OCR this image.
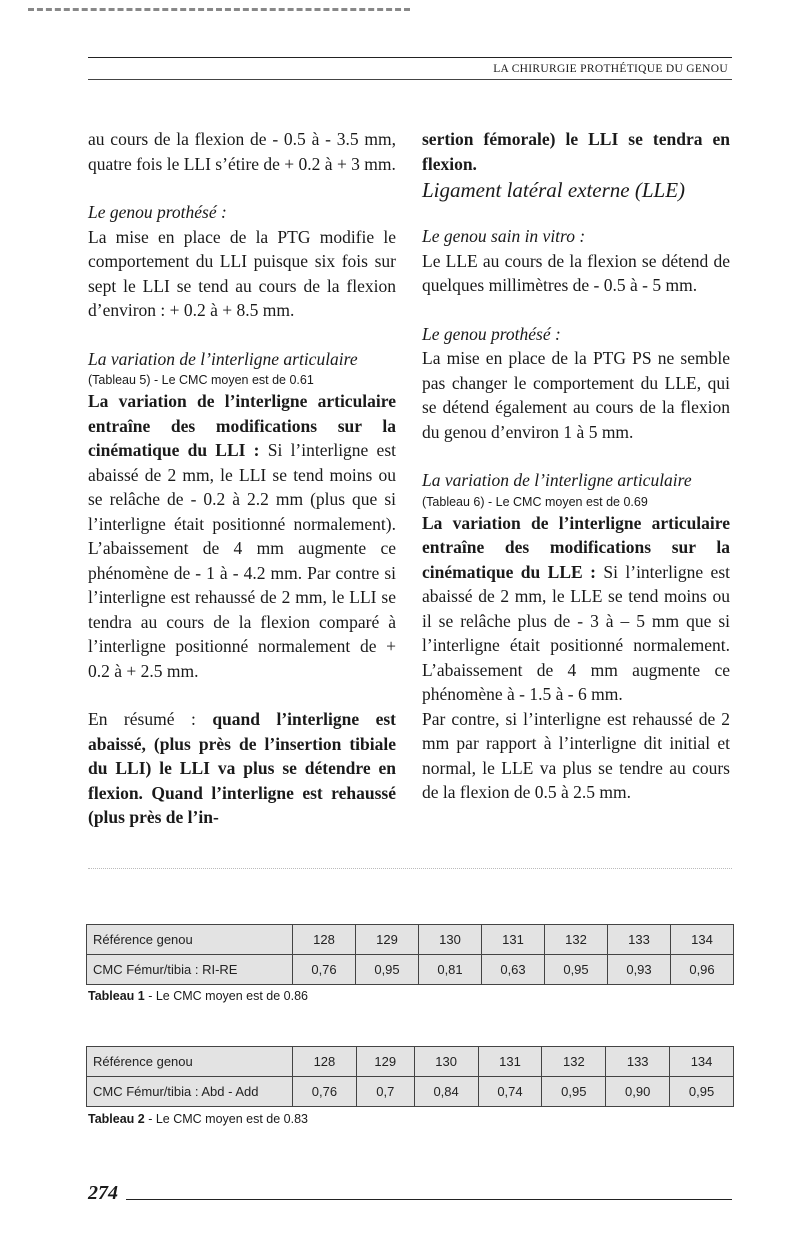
LA CHIRURGIE PROTHÉTIQUE DU GENOU

au cours de la flexion de - 0.5 à - 3.5 mm, quatre fois le LLI s’étire de + 0.2 à + 3 mm.

Le genou prothésé :

La mise en place de la PTG modifie le comportement du LLI puisque six fois sur sept le LLI se tend au cours de la flexion d’environ : + 0.2 à + 8.5 mm.

La variation de l’interligne articulaire

(Tableau 5) - Le CMC moyen est de 0.61

La variation de l’interligne articulaire entraîne des modifications sur la cinématique du LLI : Si l’interligne est abaissé de 2 mm, le LLI se tend moins ou se relâche de - 0.2 à 2.2 mm (plus que si l’interligne était positionné normalement). L’abaissement de 4 mm augmente ce phénomène de - 1 à - 4.2 mm. Par contre si l’interligne est rehaussé de 2 mm, le LLI se tendra au cours de la flexion comparé à l’interligne positionné normalement de + 0.2 à + 2.5 mm.

En résumé : quand l’interligne est abaissé, (plus près de l’insertion tibiale du LLI) le LLI va plus se détendre en flexion. Quand l’interligne est rehaussé (plus près de l’in-

sertion fémorale) le LLI se tendra en flexion.

Ligament latéral externe (LLE)

Le genou sain in vitro :

Le LLE au cours de la flexion se détend de quelques millimètres de - 0.5 à - 5 mm.

Le genou prothésé :

La mise en place de la PTG PS ne semble pas changer le comportement du LLE, qui se détend également au cours de la flexion du genou d’environ 1 à 5 mm.

La variation de l’interligne articulaire

(Tableau 6) - Le CMC moyen est de 0.69

La variation de l’interligne articulaire entraîne des modifications sur la cinématique du LLE : Si l’interligne est abaissé de 2 mm, le LLE se tend moins ou il se relâche plus de - 3 à – 5 mm que si l’interligne était positionné normalement. L’abaissement de 4 mm augmente ce phénomène à - 1.5 à - 6 mm.

Par contre, si l’interligne est rehaussé de 2 mm par rapport à l’interligne dit initial et normal, le LLE va plus se tendre au cours de la flexion de 0.5 à 2.5 mm.

Référence genou	128	129	130	131	132	133	134
CMC Fémur/tibia : RI-RE	0,76	0,95	0,81	0,63	0,95	0,93	0,96
Tableau 1 - Le CMC moyen est de 0.86
Référence genou	128	129	130	131	132	133	134
CMC Fémur/tibia : Abd - Add	0,76	0,7	0,84	0,74	0,95	0,90	0,95
Tableau 2 - Le CMC moyen est de 0.83
274
